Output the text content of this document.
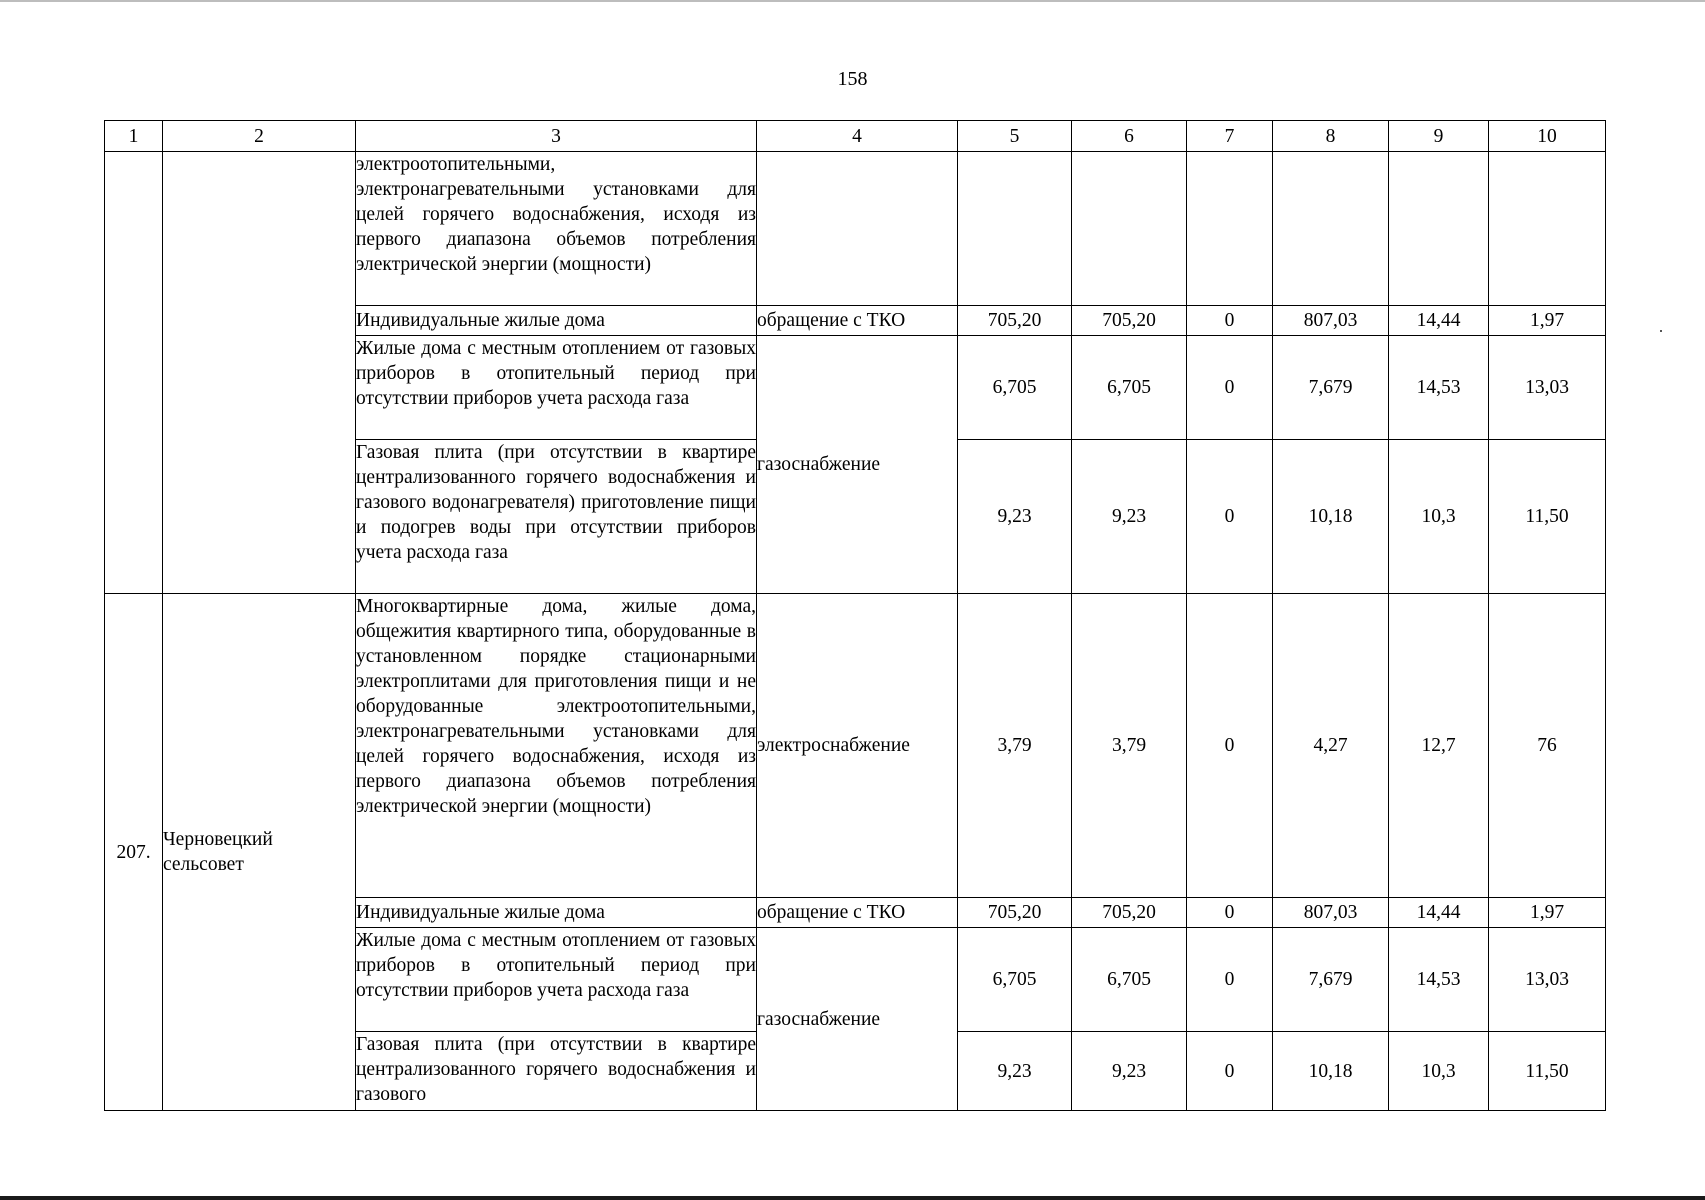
158
1	2	3	4	5	6	7	8	9	10
		электроотопительными, электронагревательными установками для целей горячего водоснабжения, исходя из первого диапазона объемов потребления электрической энергии (мощности)							
		Индивидуальные жилые дома	обращение с ТКО	705,20	705,20	0	807,03	14,44	1,97
		Жилые дома с местным отоплением от газовых приборов в отопительный период при отсутствии приборов учета расхода газа	газоснабжение	6,705	6,705	0	7,679	14,53	13,03
		Газовая плита (при отсутствии в квартире централизованного горячего водоснабжения и газового водонагревателя) приготовление пищи и подогрев воды при отсутствии приборов учета расхода газа		9,23	9,23	0	10,18	10,3	11,50
207.	Черновецкий сельсовет	Многоквартирные дома, жилые дома, общежития квартирного типа, оборудованные в установленном порядке стационарными электроплитами для приготовления пищи и не оборудованные электроотопительными, электронагревательными установками для целей горячего водоснабжения, исходя из первого диапазона объемов потребления электрической энергии (мощности)	электроснабжение	3,79	3,79	0	4,27	12,7	76
		Индивидуальные жилые дома	обращение с ТКО	705,20	705,20	0	807,03	14,44	1,97
		Жилые дома с местным отоплением от газовых приборов в отопительный период при отсутствии приборов учета расхода газа	газоснабжение	6,705	6,705	0	7,679	14,53	13,03
		Газовая плита (при отсутствии в квартире централизованного горячего водоснабжения и газового		9,23	9,23	0	10,18	10,3	11,50
